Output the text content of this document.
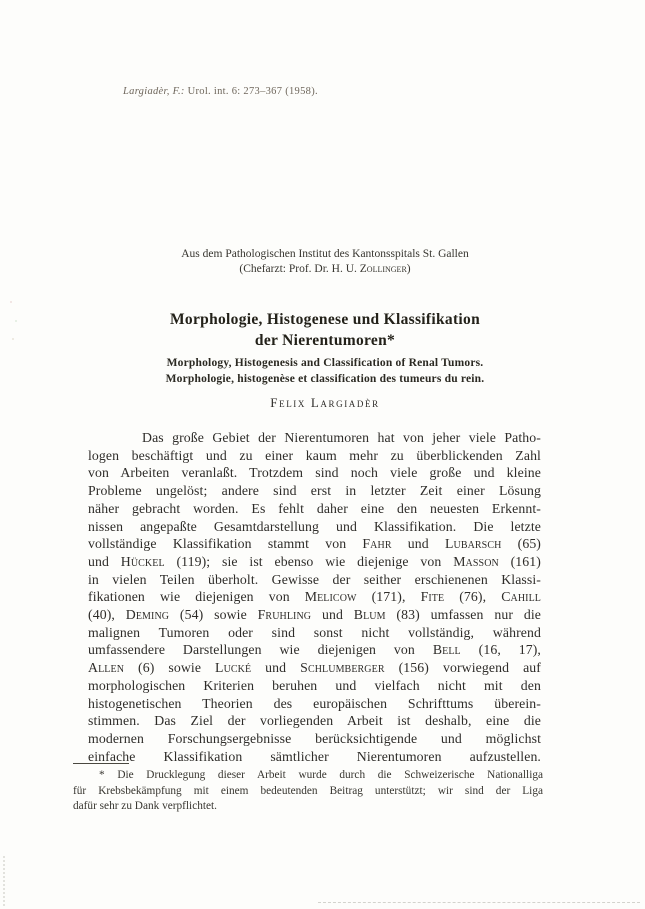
Largiadèr, F.: Urol. int. 6: 273–367 (1958).
Aus dem Pathologischen Institut des Kantonsspitals St. Gallen
(Chefarzt: Prof. Dr. H. U. Zollinger)
Morphologie, Histogenese und Klassifikation
der Nierentumoren*
Morphology, Histogenesis and Classification of Renal Tumors.
Morphologie, histogenèse et classification des tumeurs du rein.
Felix Largiadèr
Das große Gebiet der Nierentumoren hat von jeher viele Patho-
logen beschäftigt und zu einer kaum mehr zu überblickenden Zahl
von Arbeiten veranlaßt. Trotzdem sind noch viele große und kleine
Probleme ungelöst; andere sind erst in letzter Zeit einer Lösung
näher gebracht worden. Es fehlt daher eine den neuesten Erkennt-
nissen angepaßte Gesamtdarstellung und Klassifikation. Die letzte
vollständige Klassifikation stammt von Fahr und Lubarsch (65)
und Hückel (119); sie ist ebenso wie diejenige von Masson (161)
in vielen Teilen überholt. Gewisse der seither erschienenen Klassi-
fikationen wie diejenigen von Melicow (171), Fite (76), Cahill
(40), Deming (54) sowie Fruhling und Blum (83) umfassen nur die
malignen Tumoren oder sind sonst nicht vollständig, während
umfassendere Darstellungen wie diejenigen von Bell (16, 17),
Allen (6) sowie Lucké und Schlumberger (156) vorwiegend auf
morphologischen Kriterien beruhen und vielfach nicht mit den
histogenetischen Theorien des europäischen Schrifttums überein-
stimmen. Das Ziel der vorliegenden Arbeit ist deshalb, eine die
modernen Forschungsergebnisse berücksichtigende und möglichst
einfache Klassifikation sämtlicher Nierentumoren aufzustellen.
* Die Drucklegung dieser Arbeit wurde durch die Schweizerische Nationalliga
für Krebsbekämpfung mit einem bedeutenden Beitrag unterstützt; wir sind der Liga
dafür sehr zu Dank verpflichtet.
